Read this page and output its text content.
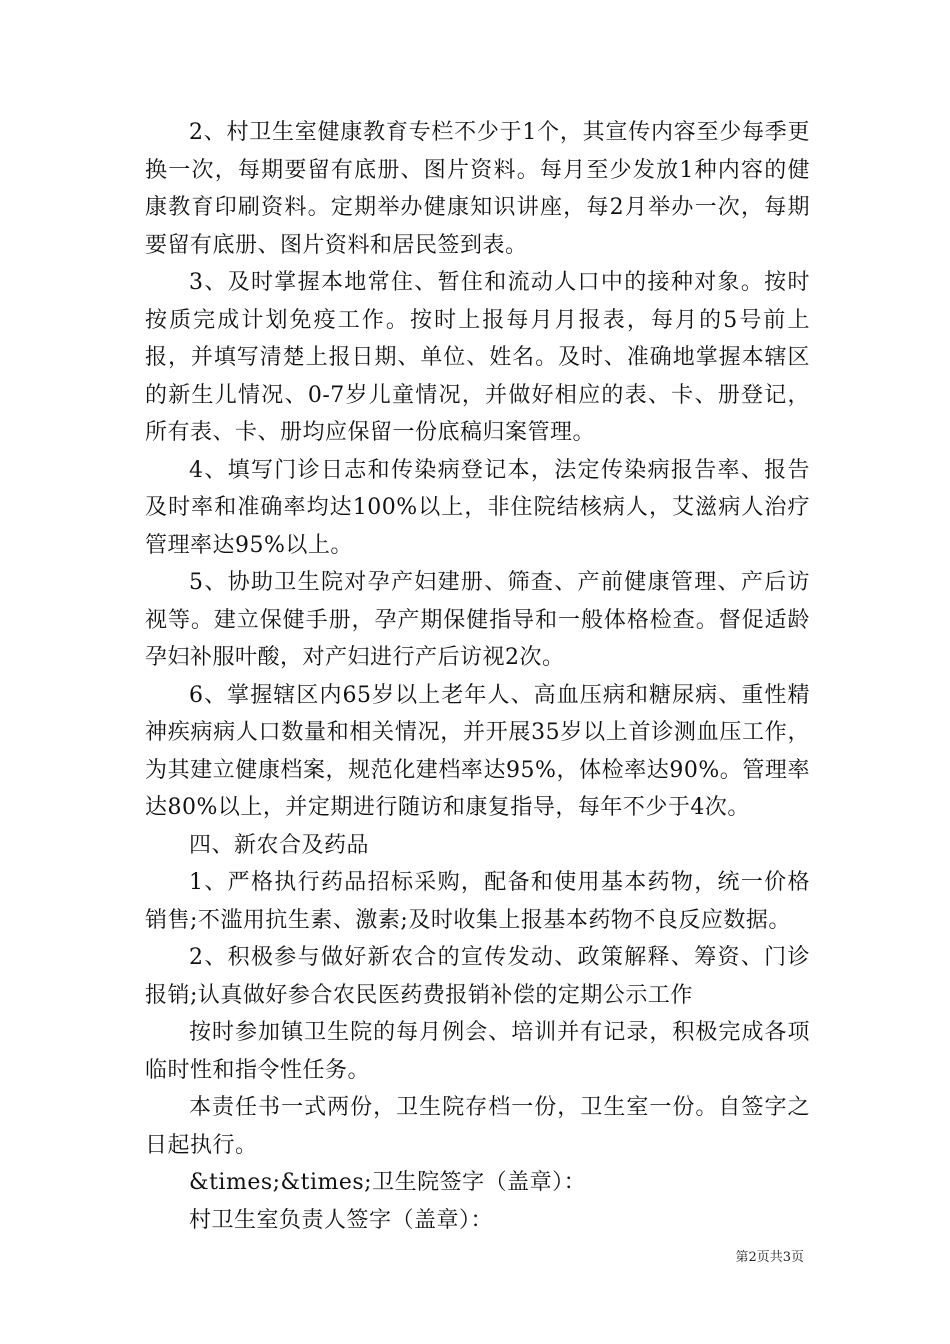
2、村卫生室健康教育专栏不少于1个，其宣传内容至少每季更换一次，每期要留有底册、图片资料。每月至少发放1种内容的健康教育印刷资料。定期举办健康知识讲座，每2月举办一次，每期要留有底册、图片资料和居民签到表。

3、及时掌握本地常住、暂住和流动人口中的接种对象。按时按质完成计划免疫工作。按时上报每月月报表，每月的5号前上报，并填写清楚上报日期、单位、姓名。及时、准确地掌握本辖区的新生儿情况、0-7岁儿童情况，并做好相应的表、卡、册登记，所有表、卡、册均应保留一份底稿归案管理。

4、填写门诊日志和传染病登记本，法定传染病报告率、报告及时率和准确率均达100%以上，非住院结核病人，艾滋病人治疗管理率达95%以上。

5、协助卫生院对孕产妇建册、筛查、产前健康管理、产后访视等。建立保健手册，孕产期保健指导和一般体格检查。督促适龄孕妇补服叶酸，对产妇进行产后访视2次。

6、掌握辖区内65岁以上老年人、高血压病和糖尿病、重性精神疾病病人口数量和相关情况，并开展35岁以上首诊测血压工作，为其建立健康档案，规范化建档率达95%，体检率达90%。管理率达80%以上，并定期进行随访和康复指导，每年不少于4次。

四、新农合及药品

1、严格执行药品招标采购，配备和使用基本药物，统一价格销售;不滥用抗生素、激素;及时收集上报基本药物不良反应数据。

2、积极参与做好新农合的宣传发动、政策解释、筹资、门诊报销;认真做好参合农民医药费报销补偿的定期公示工作

按时参加镇卫生院的每月例会、培训并有记录，积极完成各项临时性和指令性任务。

本责任书一式两份，卫生院存档一份，卫生室一份。自签字之日起执行。

&times;&times;卫生院签字（盖章）：

村卫生室负责人签字（盖章）：

第2页共3页
